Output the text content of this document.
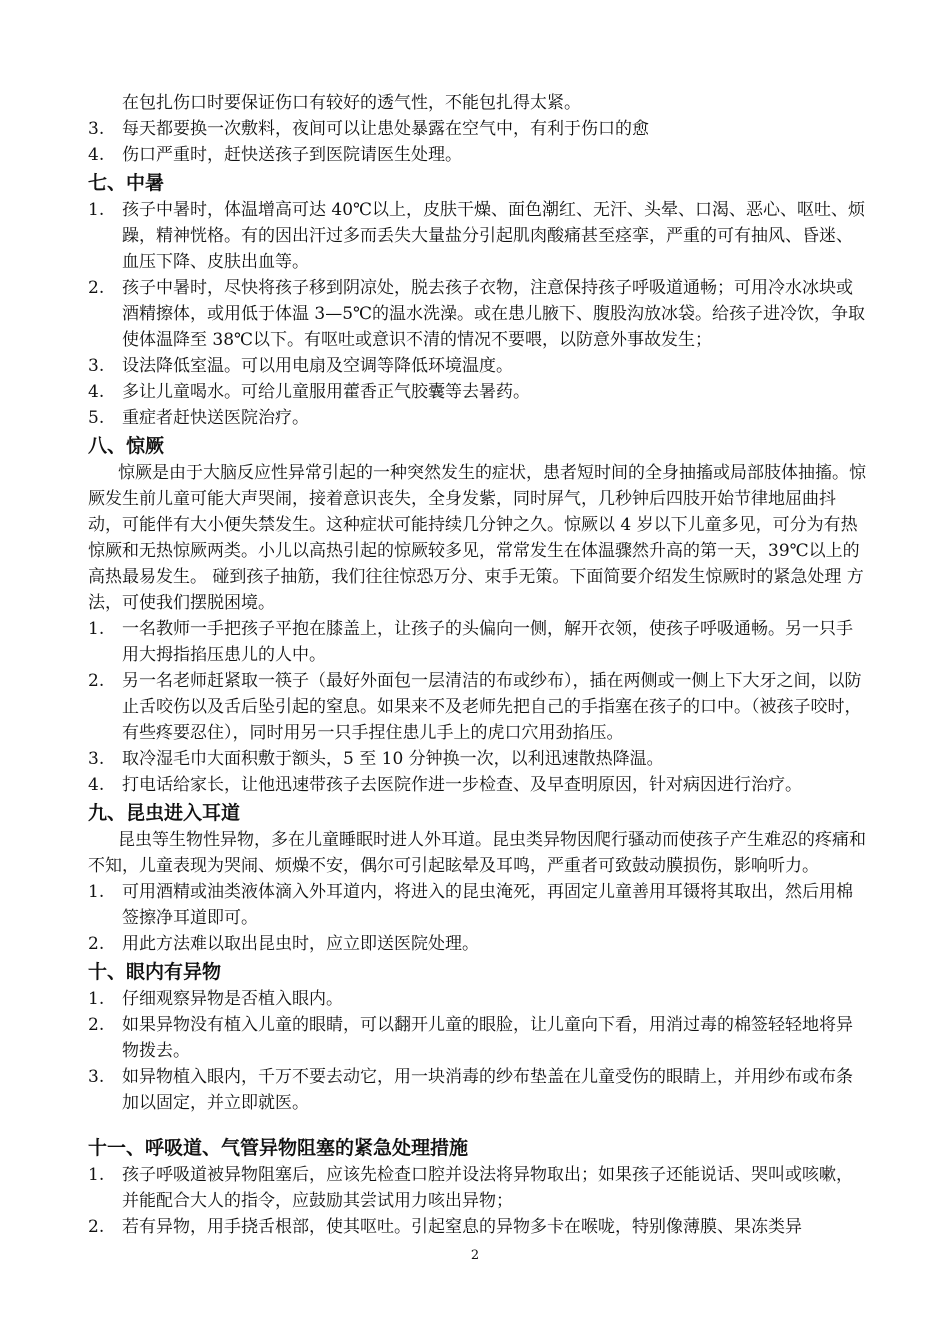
在包扎伤口时要保证伤口有较好的透气性，不能包扎得太紧。
3.	每天都要换一次敷料，夜间可以让患处暴露在空气中，有利于伤口的愈
4.	伤口严重时，赶快送孩子到医院请医生处理。
七、中暑
1.	孩子中暑时，体温增高可达 40℃以上，皮肤干燥、面色潮红、无汗、头晕、口渴、恶心、呕吐、烦躁，精神恍格。有的因出汗过多而丢失大量盐分引起肌肉酸痛甚至痉挛，严重的可有抽风、昏迷、血压下降、皮肤出血等。
2.	孩子中暑时，尽快将孩子移到阴凉处，脱去孩子衣物，注意保持孩子呼吸道通畅；可用冷水冰块或酒精擦体，或用低于体温 3—5℃的温水洗澡。或在患儿腋下、腹股沟放冰袋。给孩子进冷饮，争取使体温降至 38℃以下。有呕吐或意识不清的情况不要喂，以防意外事故发生；
3.	设法降低室温。可以用电扇及空调等降低环境温度。
4.	多让儿童喝水。可给儿童服用藿香正气胶囊等去暑药。
5.	重症者赶快送医院治疗。
八、惊厥
惊厥是由于大脑反应性异常引起的一种突然发生的症状，患者短时间的全身抽搐或局部肢体抽搐。惊厥发生前儿童可能大声哭闹，接着意识丧失，全身发紫，同时屏气，几秒钟后四肢开始节律地屈曲抖动，可能伴有大小便失禁发生。这种症状可能持续几分钟之久。惊厥以 4 岁以下儿童多见，可分为有热惊厥和无热惊厥两类。小儿以高热引起的惊厥较多见，常常发生在体温骤然升高的第一天，39℃以上的高热最易发生。 碰到孩子抽筋，我们往往惊恐万分、束手无策。下面简要介绍发生惊厥时的紧急处理 方法，可使我们摆脱困境。
1.	一名教师一手把孩子平抱在膝盖上，让孩子的头偏向一侧，解开衣领，使孩子呼吸通畅。另一只手用大拇指掐压患儿的人中。
2.	另一名老师赶紧取一筷子（最好外面包一层清洁的布或纱布），插在两侧或一侧上下大牙之间，以防止舌咬伤以及舌后坠引起的窒息。如果来不及老师先把自己的手指塞在孩子的口中。（被孩子咬时，有些疼要忍住），同时用另一只手捏住患儿手上的虎口穴用劲掐压。
3.	取冷湿毛巾大面积敷于额头，5 至 10 分钟换一次，以利迅速散热降温。
4.	打电话给家长，让他迅速带孩子去医院作进一步检查、及早查明原因，针对病因进行治疗。
九、昆虫进入耳道
昆虫等生物性异物，多在儿童睡眠时进人外耳道。昆虫类异物因爬行骚动而使孩子产生难忍的疼痛和不知，儿童表现为哭闹、烦燥不安，偶尔可引起眩晕及耳鸣，严重者可致鼓动膜损伤，影响听力。
1.	可用酒精或油类液体滴入外耳道内，将进入的昆虫淹死，再固定儿童善用耳镊将其取出，然后用棉签擦净耳道即可。
2.	用此方法难以取出昆虫时，应立即送医院处理。
十、眼内有异物
1.	仔细观察异物是否植入眼内。
2.	如果异物没有植入儿童的眼睛，可以翻开儿童的眼脸，让儿童向下看，用消过毒的棉签轻轻地将异物拨去。
3.	如异物植入眼内，千万不要去动它，用一块消毒的纱布垫盖在儿童受伤的眼睛上，并用纱布或布条加以固定，并立即就医。
十一、呼吸道、气管异物阻塞的紧急处理措施
1.	孩子呼吸道被异物阻塞后，应该先检查口腔并设法将异物取出；如果孩子还能说话、哭叫或咳嗽，并能配合大人的指令，应鼓励其尝试用力咳出异物；
2.	若有异物，用手挠舌根部，使其呕吐。引起窒息的异物多卡在喉咙，特别像薄膜、果冻类异
2
